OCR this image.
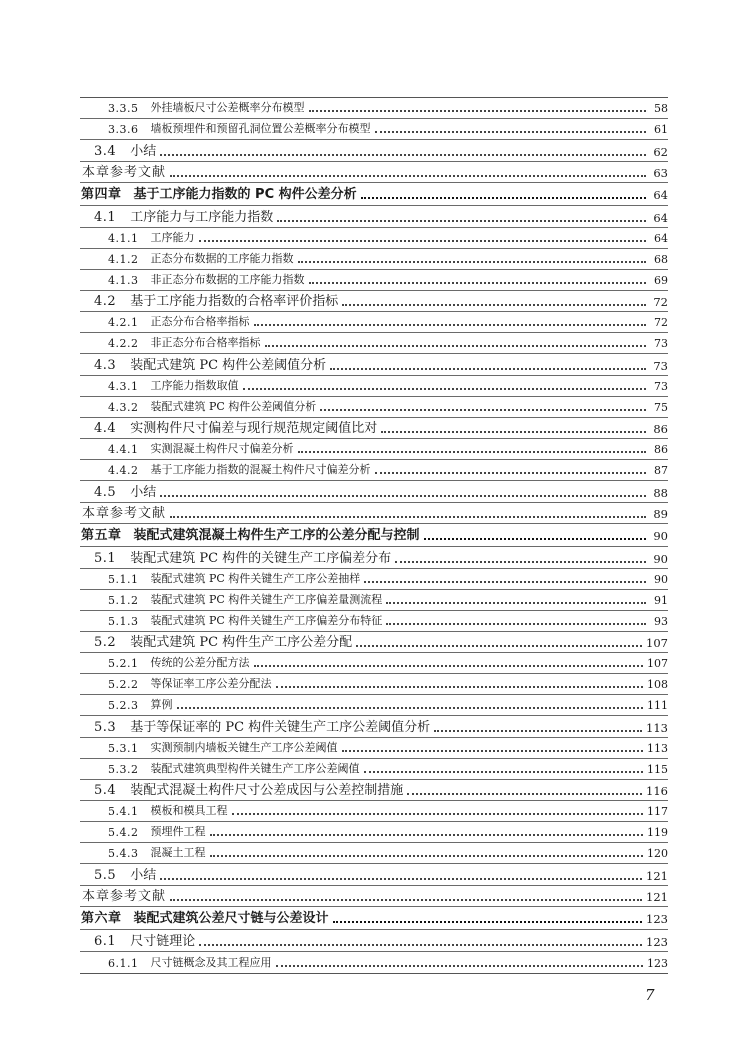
3.3.5 外挂墙板尺寸公差概率分布模型	58
3.3.6 墙板预埋件和预留孔洞位置公差概率分布模型	61
3.4 小结	62
本章参考文献	63
第四章 基于工序能力指数的 PC 构件公差分析	64
4.1 工序能力与工序能力指数	64
4.1.1 工序能力	64
4.1.2 正态分布数据的工序能力指数	68
4.1.3 非正态分布数据的工序能力指数	69
4.2 基于工序能力指数的合格率评价指标	72
4.2.1 正态分布合格率指标	72
4.2.2 非正态分布合格率指标	73
4.3 装配式建筑 PC 构件公差阈值分析	73
4.3.1 工序能力指数取值	73
4.3.2 装配式建筑 PC 构件公差阈值分析	75
4.4 实测构件尺寸偏差与现行规范规定阈值比对	86
4.4.1 实测混凝土构件尺寸偏差分析	86
4.4.2 基于工序能力指数的混凝土构件尺寸偏差分析	87
4.5 小结	88
本章参考文献	89
第五章 装配式建筑混凝土构件生产工序的公差分配与控制	90
5.1 装配式建筑 PC 构件的关键生产工序偏差分布	90
5.1.1 装配式建筑 PC 构件关键生产工序公差抽样	90
5.1.2 装配式建筑 PC 构件关键生产工序偏差量测流程	91
5.1.3 装配式建筑 PC 构件关键生产工序偏差分布特征	93
5.2 装配式建筑 PC 构件生产工序公差分配	107
5.2.1 传统的公差分配方法	107
5.2.2 等保证率工序公差分配法	108
5.2.3 算例	111
5.3 基于等保证率的 PC 构件关键生产工序公差阈值分析	113
5.3.1 实测预制内墙板关键生产工序公差阈值	113
5.3.2 装配式建筑典型构件关键生产工序公差阈值	115
5.4 装配式混凝土构件尺寸公差成因与公差控制措施	116
5.4.1 模板和模具工程	117
5.4.2 预埋件工程	119
5.4.3 混凝土工程	120
5.5 小结	121
本章参考文献	121
第六章 装配式建筑公差尺寸链与公差设计	123
6.1 尺寸链理论	123
6.1.1 尺寸链概念及其工程应用	123
7
